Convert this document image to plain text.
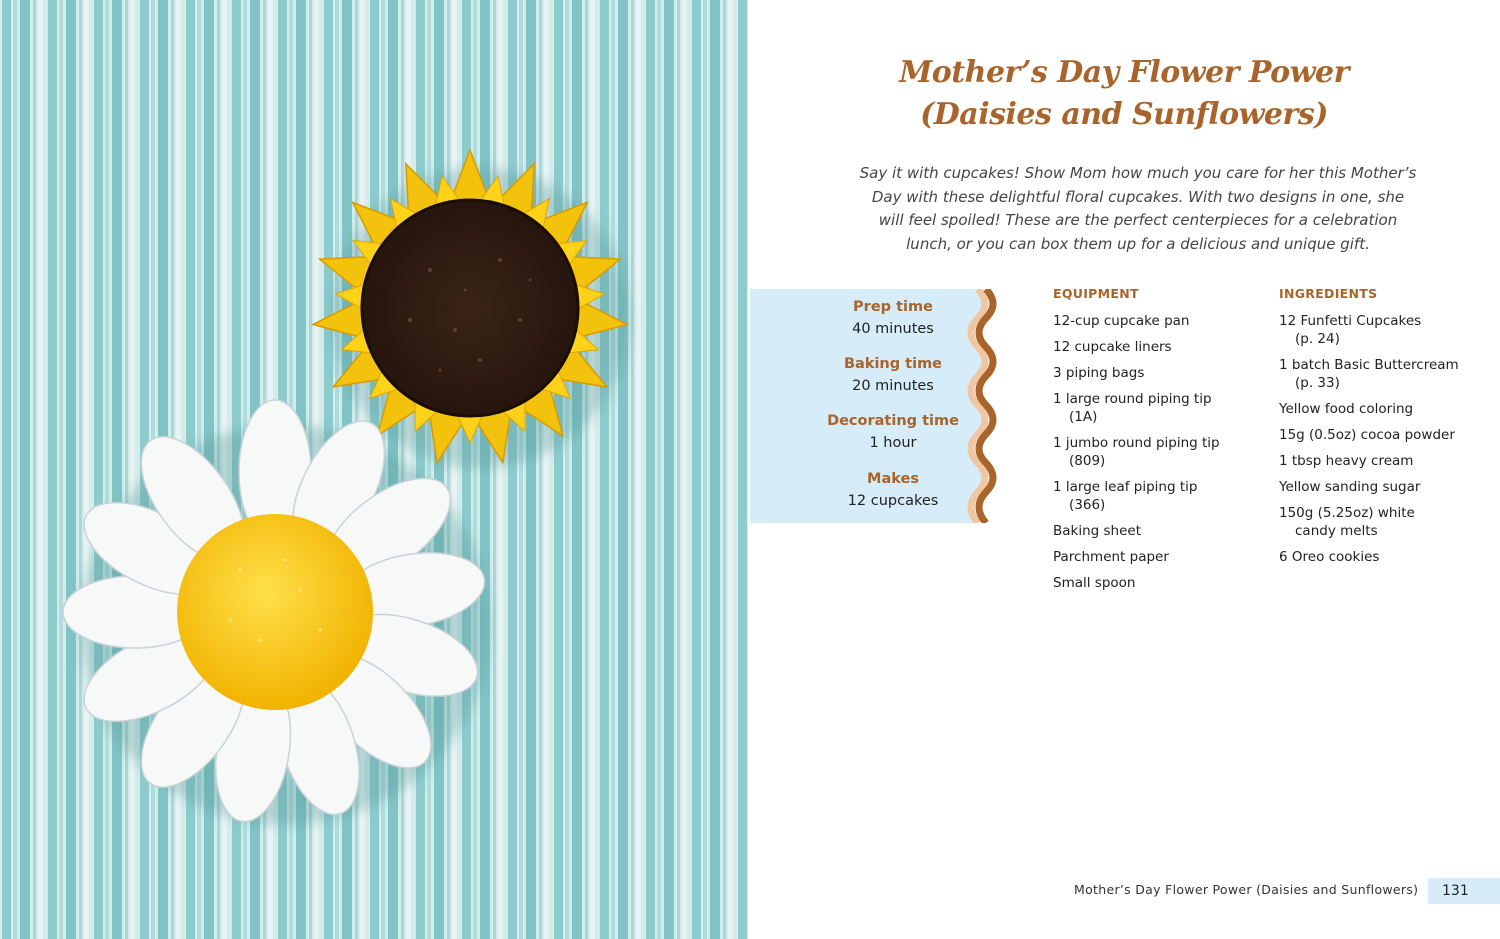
Mother’s Day Flower Power
(Daisies and Sunflowers)
Say it with cupcakes! Show Mom how much you care for her this Mother’s
Day with these delightful floral cupcakes. With two designs in one, she
will feel spoiled! These are the perfect centerpieces for a celebration
lunch, or you can box them up for a delicious and unique gift.
Prep time
40 minutes
Baking time
20 minutes
Decorating time
1 hour
Makes
12 cupcakes
EQUIPMENT
12-cup cupcake pan
12 cupcake liners
3 piping bags
1 large round piping tip
(1A)
1 jumbo round piping tip
(809)
1 large leaf piping tip
(366)
Baking sheet
Parchment paper
Small spoon
INGREDIENTS
12 Funfetti Cupcakes
(p. 24)
1 batch Basic Buttercream
(p. 33)
Yellow food coloring
15g (0.5oz) cocoa powder
1 tbsp heavy cream
Yellow sanding sugar
150g (5.25oz) white
candy melts
6 Oreo cookies
Mother’s Day Flower Power (Daisies and Sunflowers)	131
